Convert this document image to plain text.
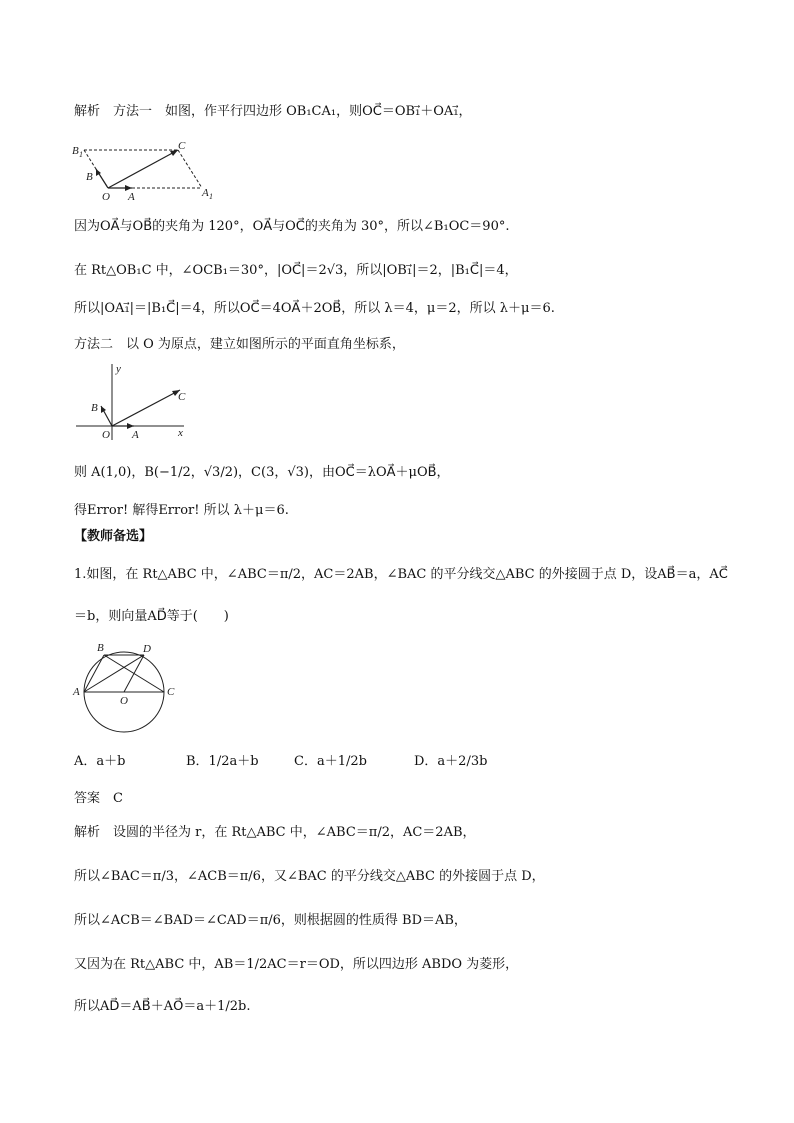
解析　方法一　如图，作平行四边形 OB₁CA₁，则OC⃗＝OB₁⃗＋OA₁⃗，
B 1
C
B
O A	A 1
因为OA⃗与OB⃗的夹角为 120°，OA⃗与OC⃗的夹角为 30°，所以∠B₁OC＝90°.
在 Rt△OB₁C 中，∠OCB₁＝30°，|OC⃗|＝2√3，所以|OB₁⃗|＝2，|B₁C⃗|＝4，
所以|OA₁⃗|＝|B₁C⃗|＝4，所以OC⃗＝4OA⃗＋2OB⃗，所以 λ＝4，μ＝2，所以 λ＋μ＝6.
方法二　以 O 为原点，建立如图所示的平面直角坐标系，
y
B
C
O A	x
则 A(1,0)，B(−1/2，√3/2)，C(3，√3)，由OC⃗＝λOA⃗＋μOB⃗，
得Error! 解得Error! 所以 λ＋μ＝6.
【教师备选】
1.如图，在 Rt△ABC 中，∠ABC＝π/2，AC＝2AB，∠BAC 的平分线交△ABC 的外接圆于点 D，设AB⃗＝a，AC⃗
＝b，则向量AD⃗等于(　　)
B	D
A
O
C
A．a＋b	B．1/2a＋b	C．a＋1/2b	D．a＋2/3b
答案　C
解析　设圆的半径为 r，在 Rt△ABC 中，∠ABC＝π/2，AC＝2AB，
所以∠BAC＝π/3，∠ACB＝π/6，又∠BAC 的平分线交△ABC 的外接圆于点 D，
所以∠ACB＝∠BAD＝∠CAD＝π/6，则根据圆的性质得 BD＝AB，
又因为在 Rt△ABC 中，AB＝1/2AC＝r＝OD，所以四边形 ABDO 为菱形，
所以AD⃗＝AB⃗＋AO⃗＝a＋1/2b.
